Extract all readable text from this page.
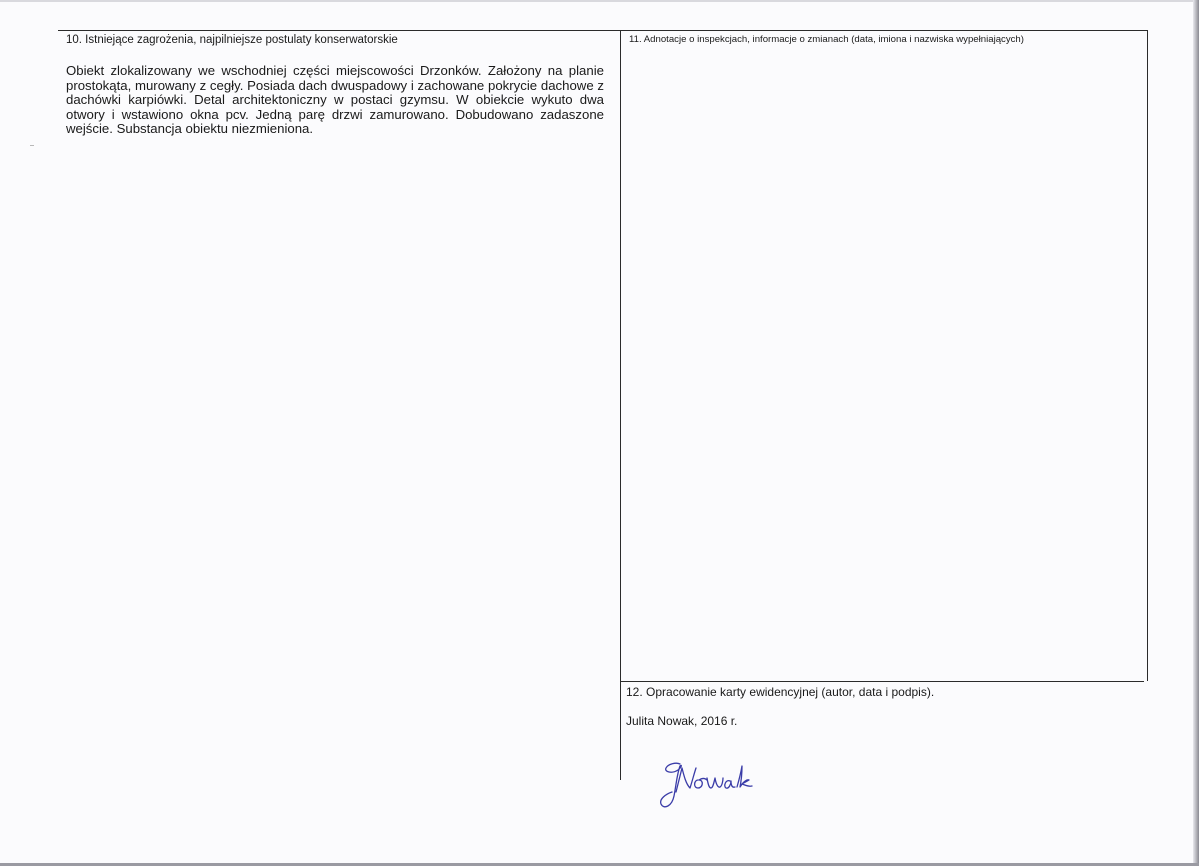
10. Istniejące zagrożenia, najpilniejsze postulaty konserwatorskie
Obiekt zlokalizowany we wschodniej części miejscowości Drzonków. Założony na planie prostokąta, murowany z cegły. Posiada dach dwuspadowy i zachowane pokrycie dachowe z dachówki karpiówki. Detal architektoniczny w postaci gzymsu. W obiekcie wykuto dwa otwory i wstawiono okna pcv. Jedną parę drzwi zamurowano. Dobudowano zadaszone wejście. Substancja obiektu niezmieniona.
11. Adnotacje o inspekcjach, informacje o zmianach (data, imiona i nazwiska wypełniających)
12. Opracowanie karty ewidencyjnej (autor, data i podpis).
Julita Nowak, 2016 r.
